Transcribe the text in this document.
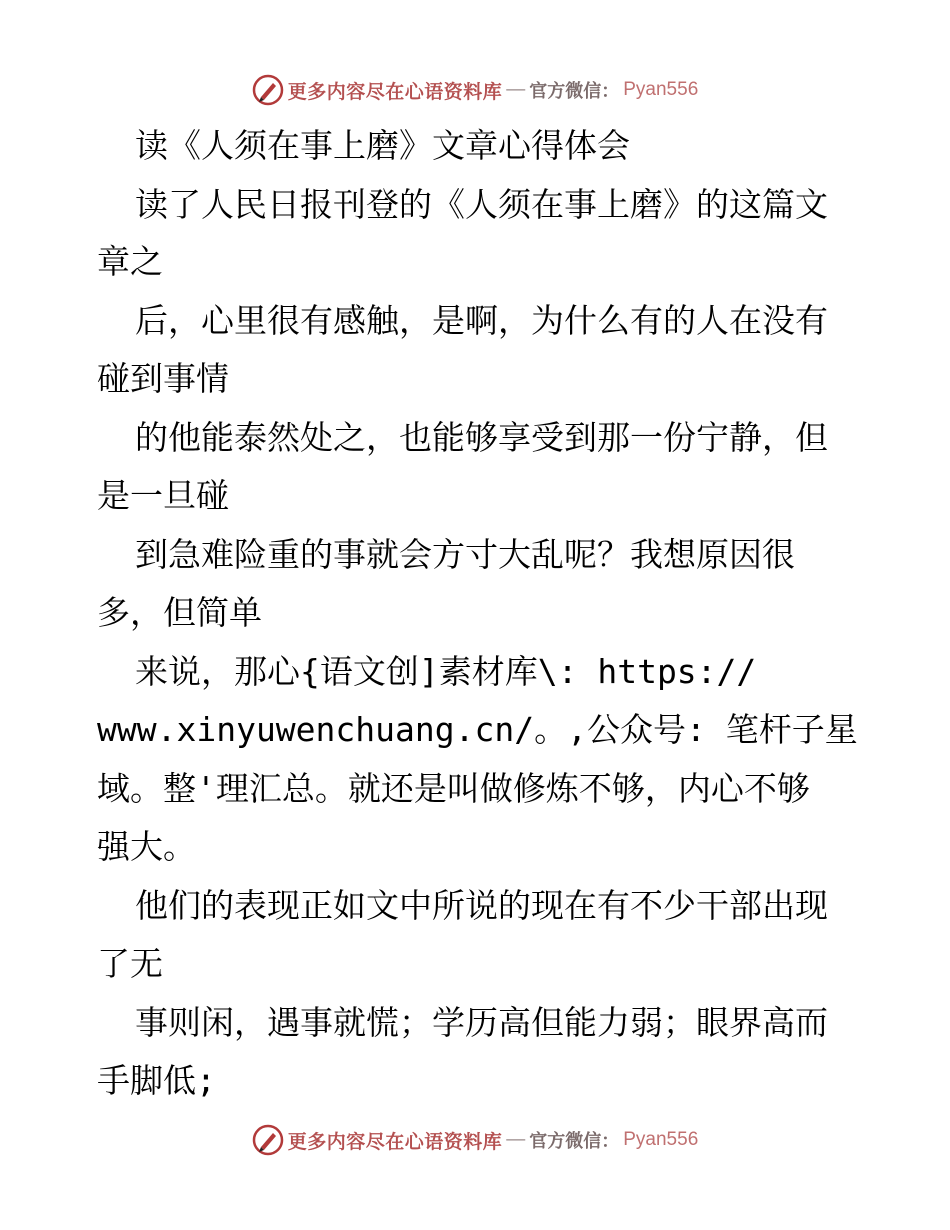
更多内容尽在心语资料库 — 官方微信： Pyan556
读《人须在事上磨》文章心得体会
读了人民日报刊登的《人须在事上磨》的这篇文
章之
后，心里很有感触，是啊，为什么有的人在没有
碰到事情
的他能泰然处之，也能够享受到那一份宁静，但
是一旦碰
到急难险重的事就会方寸大乱呢？我想原因很
多，但简单
来说，那心{语文创]素材库\: https://
www.xinyuwenchuang.cn/。,公众号: 笔杆子星
域。整'理汇总。就还是叫做修炼不够，内心不够
强大。
他们的表现正如文中所说的现在有不少干部出现
了无
事则闲，遇事就慌；学历高但能力弱；眼界高而
手脚低;
更多内容尽在心语资料库 — 官方微信： Pyan556
